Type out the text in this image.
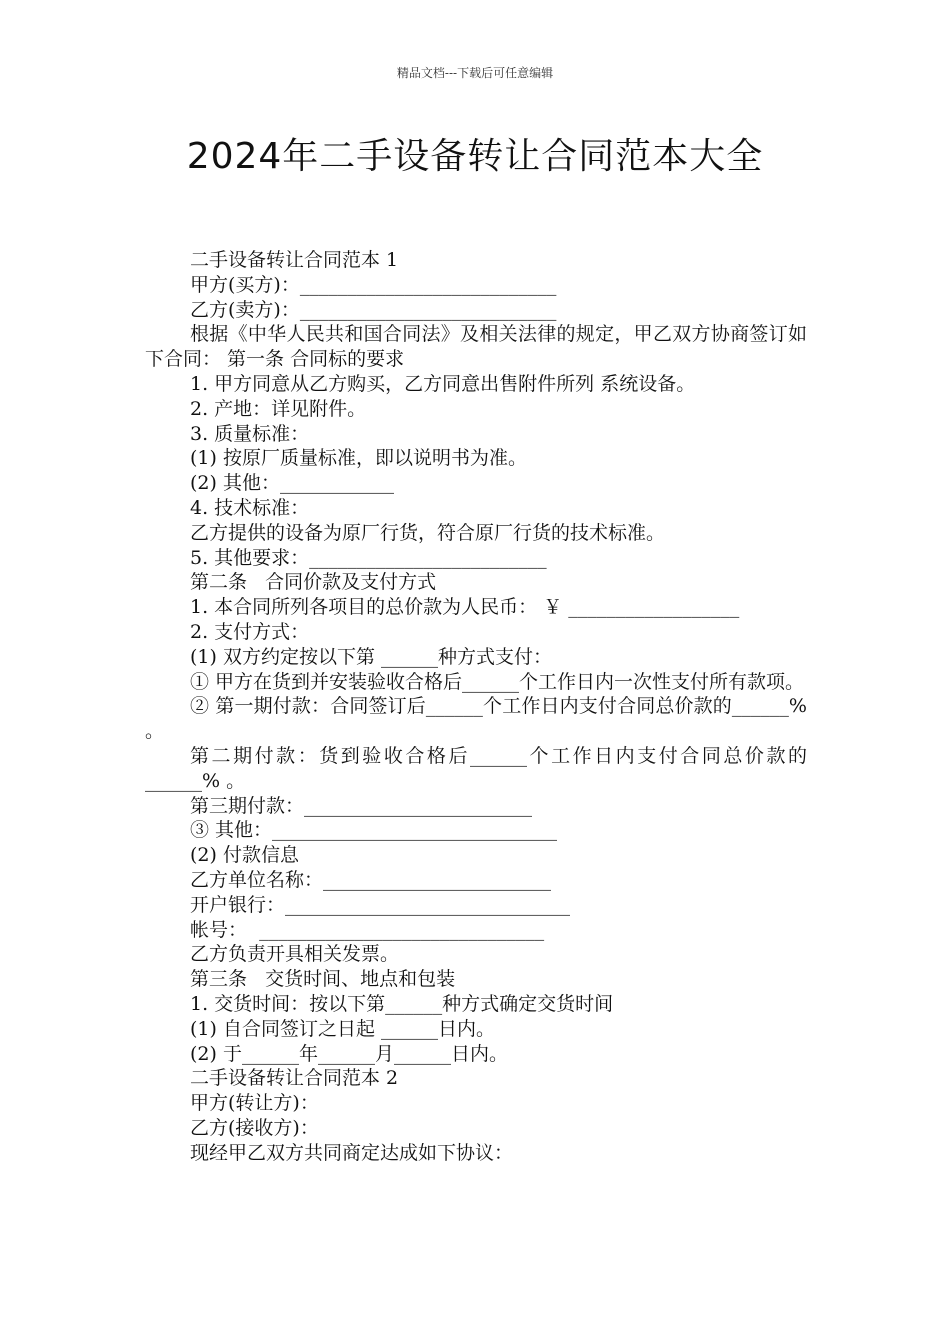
精品文档---下载后可任意编辑
2024年二手设备转让合同范本大全

二手设备转让合同范本 1

甲方(买方)：___________________________

乙方(卖方)：___________________________

根据《中华人民共和国合同法》及相关法律的规定，甲乙双方协商签订如下合同： 第一条 合同标的要求

1. 甲方同意从乙方购买，乙方同意出售附件所列 系统设备。

2. 产地：详见附件。

3. 质量标准：

(1) 按原厂质量标准，即以说明书为准。

(2) 其他：____________

4. 技术标准：

乙方提供的设备为原厂行货，符合原厂行货的技术标准。

5. 其他要求：_________________________

第二条   合同价款及支付方式

1. 本合同所列各项目的总价款为人民币： ￥ __________________

2. 支付方式：

(1) 双方约定按以下第 ______种方式支付：

① 甲方在货到并安装验收合格后______个工作日内一次性支付所有款项。

② 第一期付款：合同签订后______个工作日内支付合同总价款的______% 。

第二期付款：货到验收合格后______个工作日内支付合同总价款的______% 。

第三期付款：________________________

③ 其他：______________________________

(2) 付款信息

乙方单位名称：________________________

开户银行：______________________________

帐号：  ______________________________

乙方负责开具相关发票。

第三条   交货时间、地点和包装

1. 交货时间：按以下第______种方式确定交货时间

(1) 自合同签订之日起 ______日内。

(2) 于______年______月______日内。

二手设备转让合同范本 2

甲方(转让方)：

乙方(接收方)：

现经甲乙双方共同商定达成如下协议：
